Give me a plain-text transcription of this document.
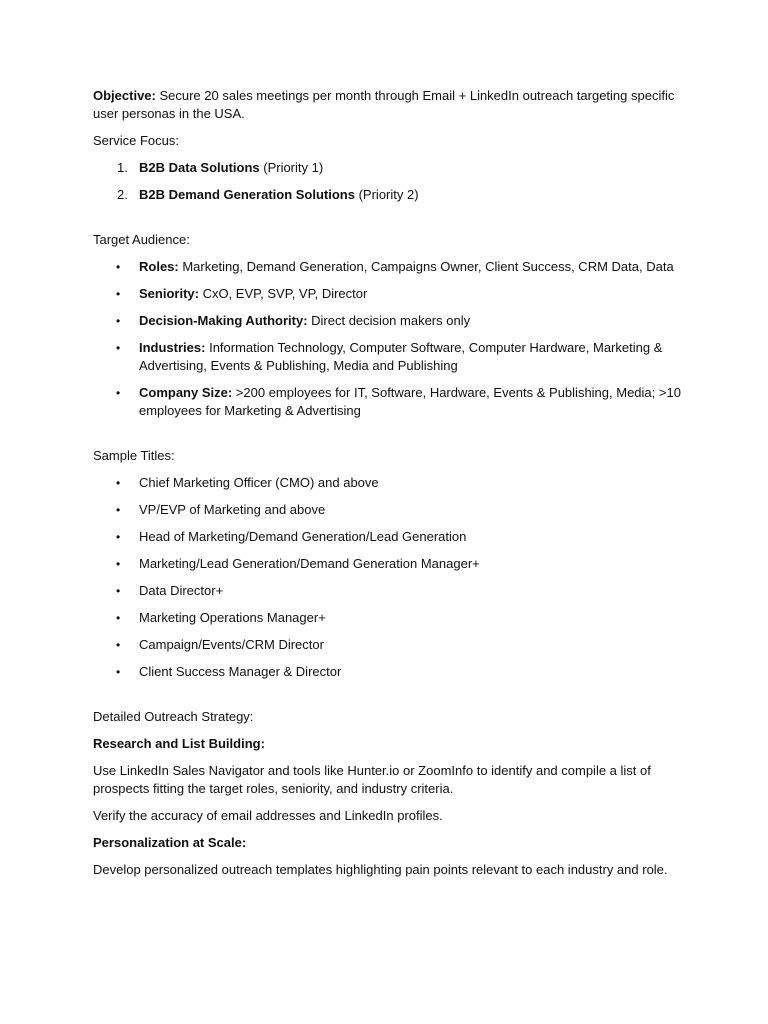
Objective: Secure 20 sales meetings per month through Email + LinkedIn outreach targeting specific user personas in the USA.

Service Focus:

1. B2B Data Solutions (Priority 1)
2. B2B Demand Generation Solutions (Priority 2)

Target Audience:

• Roles: Marketing, Demand Generation, Campaigns Owner, Client Success, CRM Data, Data
• Seniority: CxO, EVP, SVP, VP, Director
• Decision-Making Authority: Direct decision makers only
• Industries: Information Technology, Computer Software, Computer Hardware, Marketing & Advertising, Events & Publishing, Media and Publishing
• Company Size: >200 employees for IT, Software, Hardware, Events & Publishing, Media; >10 employees for Marketing & Advertising

Sample Titles:

• Chief Marketing Officer (CMO) and above
• VP/EVP of Marketing and above
• Head of Marketing/Demand Generation/Lead Generation
• Marketing/Lead Generation/Demand Generation Manager+
• Data Director+
• Marketing Operations Manager+
• Campaign/Events/CRM Director
• Client Success Manager & Director

Detailed Outreach Strategy:

Research and List Building:

Use LinkedIn Sales Navigator and tools like Hunter.io or ZoomInfo to identify and compile a list of prospects fitting the target roles, seniority, and industry criteria.

Verify the accuracy of email addresses and LinkedIn profiles.

Personalization at Scale:

Develop personalized outreach templates highlighting pain points relevant to each industry and role.
